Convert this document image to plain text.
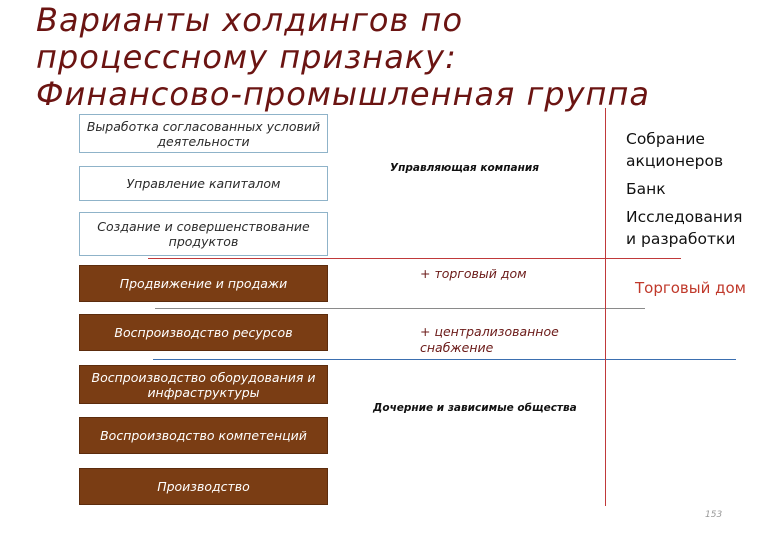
Варианты холдингов по
процессному признаку:
Финансово-промышленная группа
Выработка согласованных условий деятельности
Управление капиталом
Создание и совершенствование продуктов
Продвижение и продажи
Воспроизводство ресурсов
Воспроизводство оборудования и инфраструктуры
Воспроизводство компетенций
Производство
Управляющая компания
+ торговый дом
+ централизованное
снабжение
Дочерние и зависимые общества
Собрание
акционеров
Банк
Исследования
и разработки
Торговый дом
153
